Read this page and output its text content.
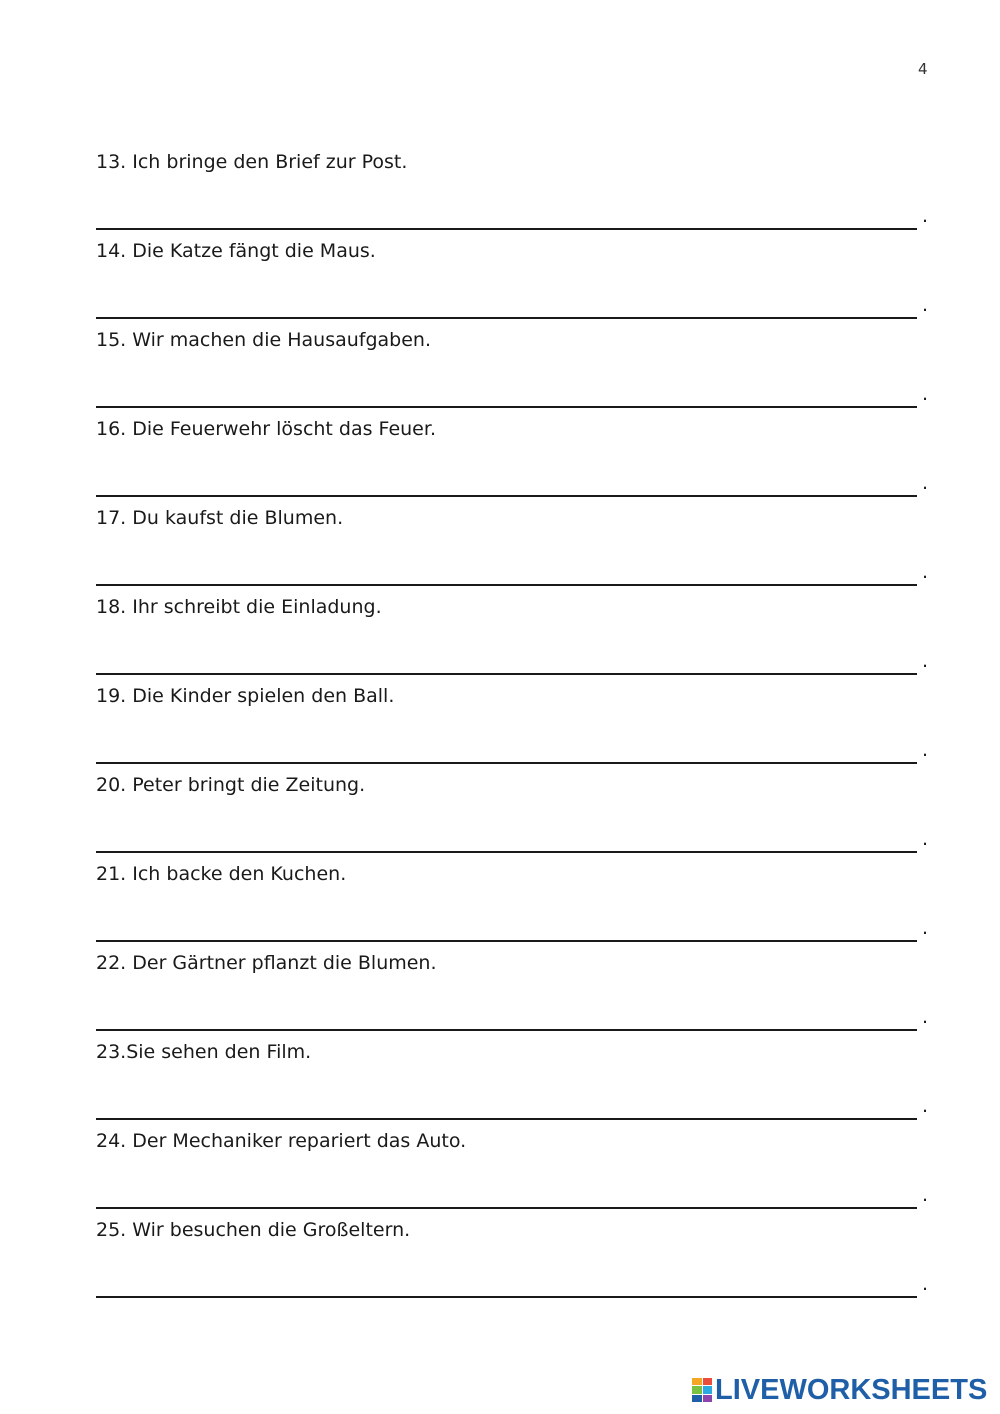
4
13. Ich bringe den Brief zur Post.
.
14. Die Katze fängt die Maus.
.
15. Wir machen die Hausaufgaben.
.
16. Die Feuerwehr löscht das Feuer.
.
17. Du kaufst die Blumen.
.
18. Ihr schreibt die Einladung.
.
19. Die Kinder spielen den Ball.
.
20. Peter bringt die Zeitung.
.
21. Ich backe den Kuchen.
.
22. Der Gärtner pflanzt die Blumen.
.
23.Sie sehen den Film.
.
24. Der Mechaniker repariert das Auto.
.
25. Wir besuchen die Großeltern.
.
LIVEWORKSHEETS
